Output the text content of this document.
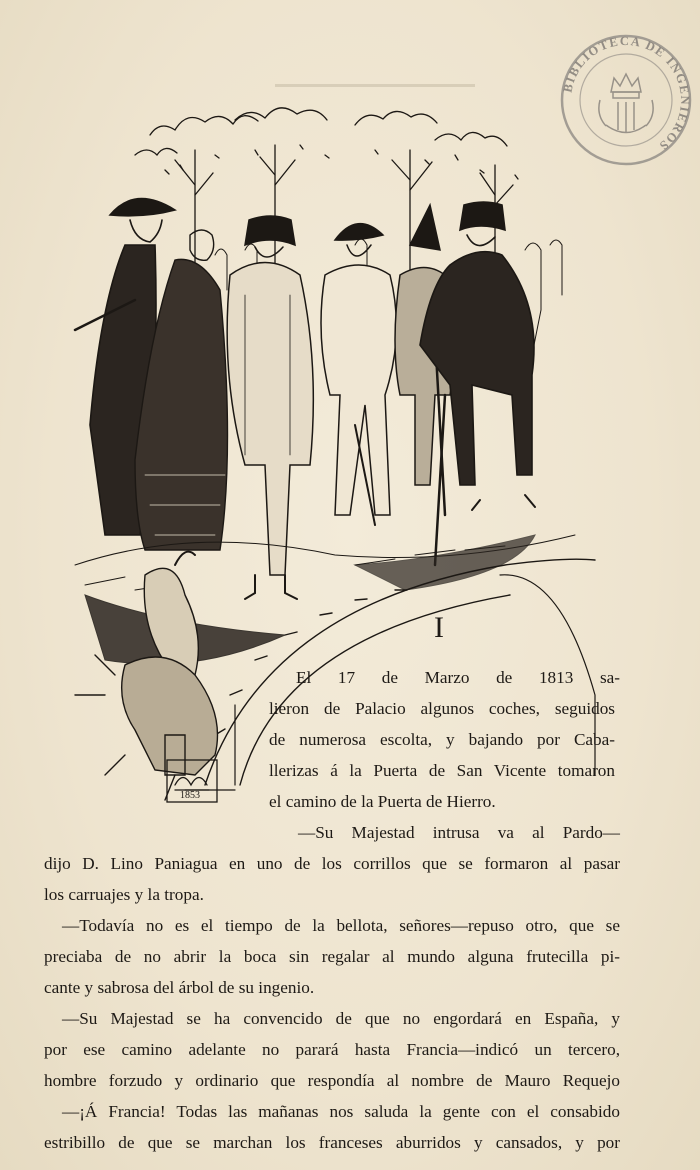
BIBLIOTECA DE INGENIEROS
1853
I
El 17 de Marzo de 1813 sa-
lieron de Palacio algunos coches, seguidos
de numerosa escolta, y bajando por Caba-
llerizas á la Puerta de San Vicente tomaron
el camino de la Puerta de Hierro.
—Su Majestad intrusa va al Pardo—
dijo D. Lino Paniagua en uno de los corrillos que se formaron al pasar
los carruajes y la tropa.
—Todavía no es el tiempo de la bellota, señores—repuso otro, que se
preciaba de no abrir la boca sin regalar al mundo alguna frutecilla pi-
cante y sabrosa del árbol de su ingenio.
—Su Majestad se ha convencido de que no engordará en España, y
por ese camino adelante no parará hasta Francia—indicó un tercero,
hombre forzudo y ordinario que respondía al nombre de Mauro Requejo
—¡Á Francia! Todas las mañanas nos saluda la gente con el consabido
estribillo de que se marchan los franceses aburridos y cansados, y por
